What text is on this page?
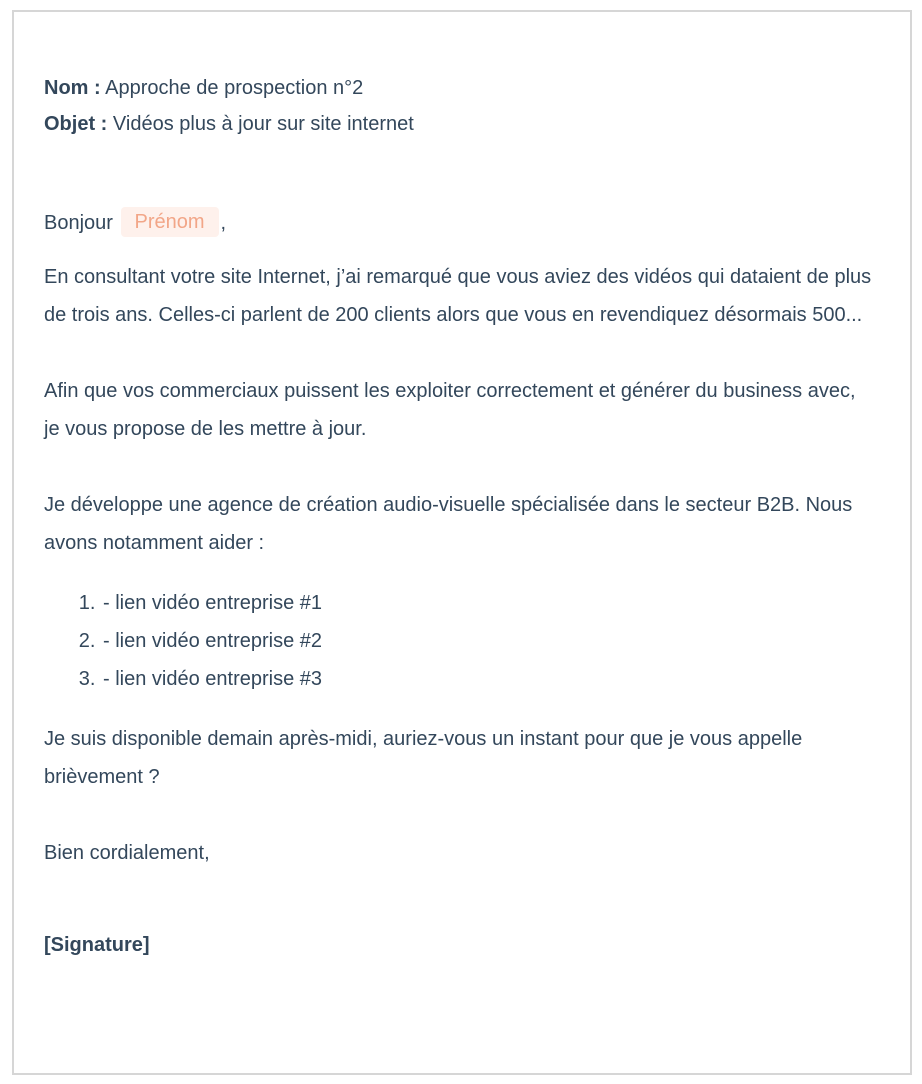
Nom : Approche de prospection n°2

Objet : Vidéos plus à jour sur site internet

Bonjour Prénom ,

En consultant votre site Internet, j’ai remarqué que vous aviez des vidéos qui dataient de plus de trois ans. Celles-ci parlent de 200 clients alors que vous en revendiquez désormais 500...

Afin que vos commerciaux puissent les exploiter correctement et générer du business avec, je vous propose de les mettre à jour.

Je développe une agence de création audio-visuelle spécialisée dans le secteur B2B. Nous avons notamment aider :

1. - lien vidéo entreprise #1
2. - lien vidéo entreprise #2
3. - lien vidéo entreprise #3

Je suis disponible demain après-midi, auriez-vous un instant pour que je vous appelle brièvement ?

Bien cordialement,

[Signature]
